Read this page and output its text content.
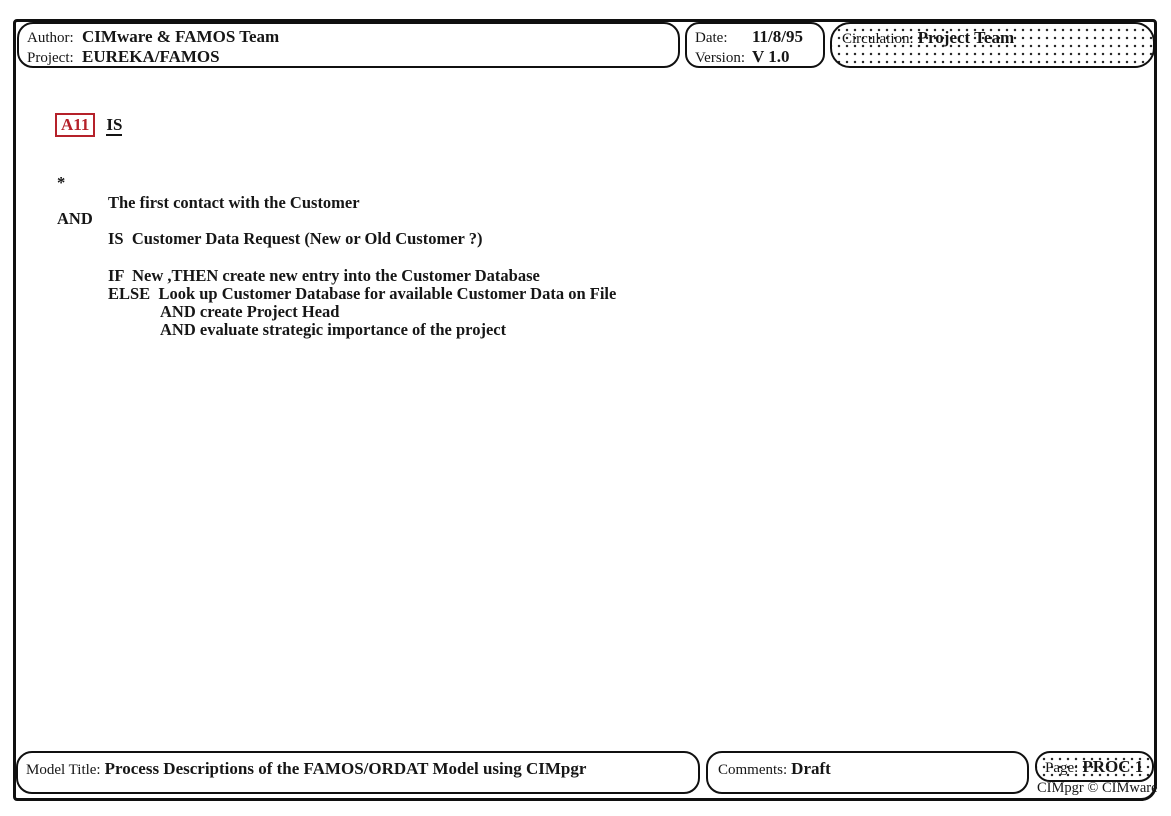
Author: CIMware & FAMOS Team
Project: EUREKA/FAMOS
Date:	11/8/95
Version: V 1.0
Circulation: Project Team
A11	IS

*

The first contact with the Customer

AND

IS  Customer Data Request (New or Old Customer ?)

IF  New ,THEN create new entry into the Customer Database

ELSE  Look up Customer Database for available Customer Data on File

AND create Project Head

AND evaluate strategic importance of the project

Model Title: Process Descriptions of the FAMOS/ORDAT Model using CIMpgr	Comments: Draft	Page: PROC 1
CIMpgr © CIMware
